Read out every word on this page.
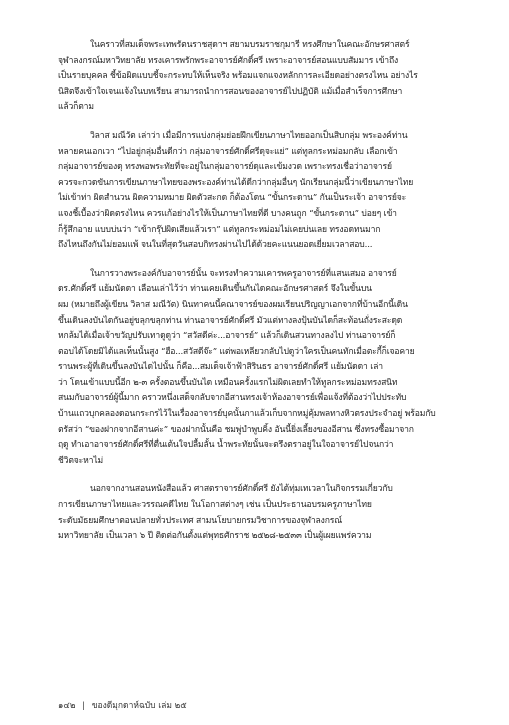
ในคราวที่สมเด็จพระเทพรัตนราชสุดาฯ สยามบรมราชกุมารี ทรงศึกษาในคณะอักษรศาสตร์

จุฬาลงกรณ์มหาวิทยาลัย ทรงเคารพรักพระอาจารย์ศักดิ์ศรี เพราะอาจารย์สอนแบบสัมมาร เข้าถึง

เป็นรายบุคคล ชี้ข้อผิดแบบชี้จะกระทบให้เห็นจริง พร้อมแจกแจงหลักการละเอียดอย่างตรงไหน อย่างไร

นิสิตจึงเข้าใจเจนแจ้งในบทเรียน สามารถนำการสอนของอาจารย์ไปปฏิบัติ แม้เมื่อสำเร็จการศึกษา

แล้วก็ตาม

วิลาส มณีวัต เล่าว่า เมื่อมีการแบ่งกลุ่มย่อยฝึกเขียนภาษาไทยออกเป็นสิบกลุ่ม พระองค์ท่าน

หลายคนเอกเวา “ไปอยู่กลุ่มอื่นดีกว่า กลุ่มอาจารย์ศักดิ์ศรีดุจะแย่” แต่ทูลกระหม่อมกลับ เลือกเข้า

กลุ่มอาจารย์ของดุ ทรงพอพระทัยที่จะอยู่ในกลุ่มอาจารย์ดุและเข้มงวด เพราะทรงเชื่อว่าอาจารย์

ควรจะกวดขันการเขียนภาษาไทยของพระองค์ท่านได้ดีกว่ากลุ่มอื่นๆ นักเรียนกลุ่มนี้ว่าเขียนภาษาไทย

ไม่เข้าท่า ผิดสำนวน ผิดความหมาย ผิดตัวสะกด ก็ต้องโดน “ขั้นกระดาน” กันเป็นระเจ้า อาจารย์จะ

แจงชี้เบื้องว่าผิดตรงไหน ควรแก้อย่างไรให้เป็นภาษาไทยที่ดี บางคนถูก “ขั้นกระดาน” บ่อยๆ เข้า

ก็รู้สึกอาย แบบบ่นว่า “เข้ากรุ๊ปผิดเสียแล้วเรา” แต่ทูลกระหม่อมไม่เคยบ่นเลย ทรงอดทนมาก

ถึงไหนถึงกันไม่ยอมแพ้ จนในที่สุดวันสอบกิทรงผ่านไปได้ด้วยคะแนนยอดเยี่ยมเวลาสอบ...

ในการวางพระองค์กับอาจารย์นั้น จะทรงทำความเคารพครูอาจารย์ที่แสนเสมอ อาจารย์

ดร.ศักดิ์ศรี แย้มนัดดา เลือนเล่าไว้ว่า ท่านเคยเดินขึ้นกันไดคณะอักษรศาสตร์ จึงในขั้นบน

ผม (หมายถึงผู้เขียน วิลาส มณีวัต) นินทาคนนี้คณาจารย์ของผมเรียนปริญญาเอกจากที่บ้านอีกนี้เดิน

ขึ้นเดินลงบันไดกันอยู่ขลุกขลุกท่าน ท่านอาจารย์ศักดิ์ศรี มัวแต่ทางลงปุ้นบันไดก็สะท้อนถั่งระสะดุด

หกล้มได้เมื่อเจ้าขวัญปรับเทาดูดูว่า “สวัสดีค่ะ...อาจารย์” แล้วก็เดินสวนทางลงไป ท่านอาจารย์ก็

ตอบได้โดยมิได้แลเห็นนั้นสูง “ฮือ...สวัสดีจ๊ะ” แต่พอเหลียวกลับไปดูว่าใครเป็นคนทักเมื่อตะกี้ก็เจอคาย

รานพระผู้ที่เดินขึ้นลงบันไดไปนั้น ก็คือ...สมเด็จเจ้าฟ้าสิรินธร อาจารย์ศักดิ์ศรี แย้มนัดดา เล่า

ว่า โดนเข้าแบบนี้อีก ๒-๓ ครั้งตอนขึ้นบันได เหมือนครั้งแรกไม่ผิดเลยทำให้ทูลกระหม่อมทรงสนิท

สนมกับอาจารย์ผู้นี้มาก คราวหนึ่งเสด็จกลับจากอีสานทรงเจ้าห้องอาจารย์เพื่อแจ้งที่ต้องว่าไปประทับ

บ้านแถวบุกคลองดอนกระกรไว้ในเรื่องอาจารย์บุคนั้นกาแล้วเก็บจากหมู่คุ้มพลทางหิวตรงประจำอยู่ พร้อมกับ

ตรัสว่า “ของฝากจากอีสานค่ะ” ของฝากนั้นคือ ชมพู่บำพูบคิ้ง อันนี้ยิ่งเลี้ยงของอีสาน ซึ่งทรงซื้อมาจาก

ฤดู ทำเอาอาจารย์ศักดิ์ศรีที่ตื่นเต้นใจปลื้มลั้น น้ำพระทัยนั้นจะตรึงตราอยู่ในใจอาจารย์ไปจนกว่า

ชีวิตจะหาไม่

นอกจากงานสอนหนังสือแล้ว ศาสตราจารย์ศักดิ์ศรี ยังได้ทุ่มเทเวลาในกิจกรรมเกี่ยวกับ

การเขียนภาษาไทยและวรรณคดีไทย ในโอกาสต่างๆ เช่น เป็นประธานอบรมครูภาษาไทย

ระดับมัธยมศึกษาตอนปลายทั่วประเทศ สามนโยบายกรมวิชาการของจุฬาลงกรณ์

มหาวิทยาลัย เป็นเวลา ๖ ปี ติดต่อกันตั้งแต่พุทธศักราช ๒๕๒๘-๒๕๓๓ เป็นผู้เผยแพร่ความ

๑๔๒ | ของดีมุกดาห์ฉบับ เล่ม ๒๕
